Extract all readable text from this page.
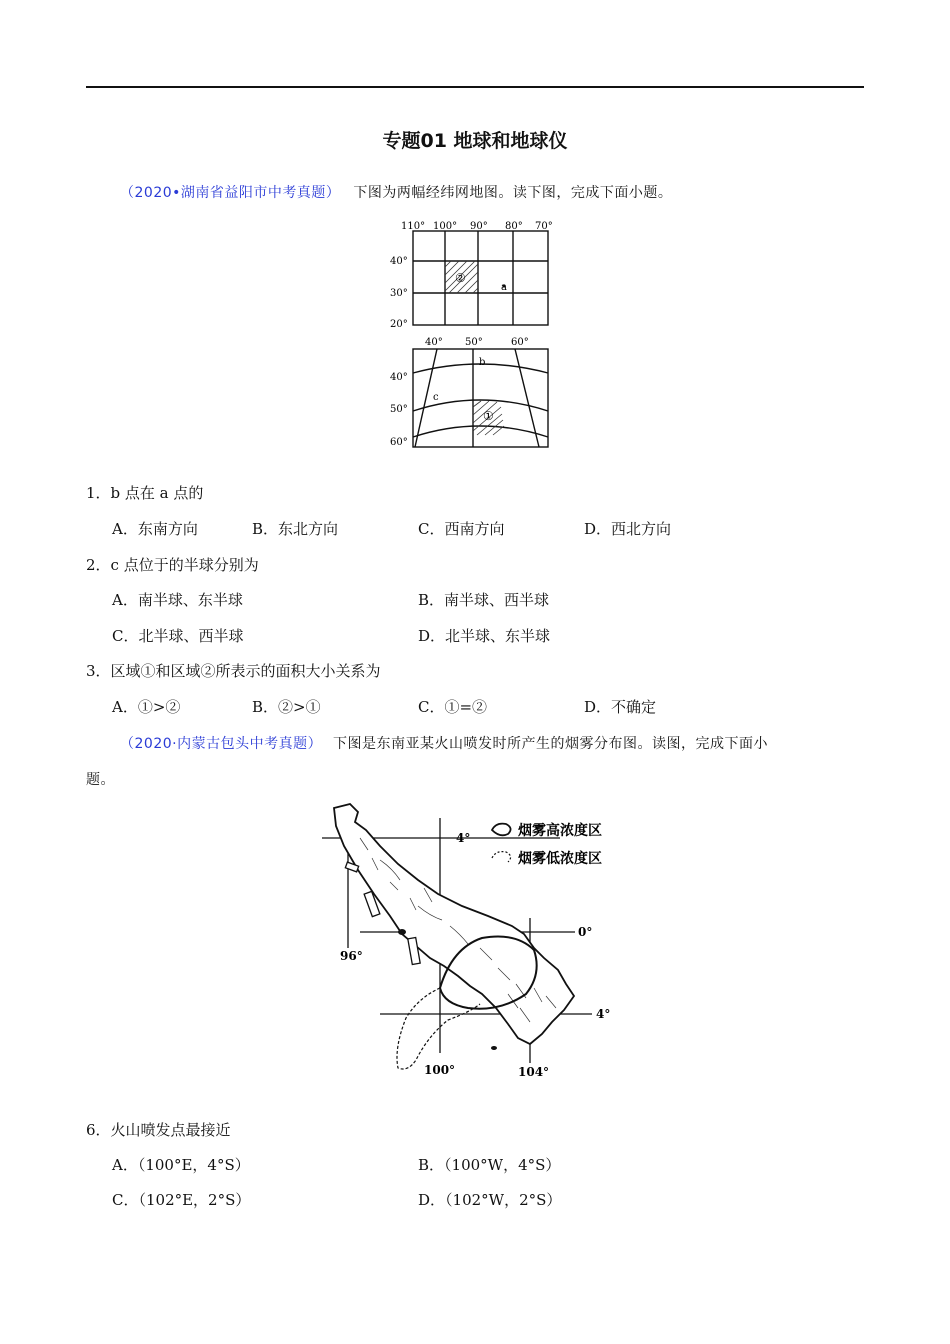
专题01 地球和地球仪
（2020•湖南省益阳市中考真题） 下图为两幅经纬网地图。读下图，完成下面小题。
110° 100° 90° 80° 70°
40°
30°
20°
②
a
40° 50°	60°
b
c
①
40°
50°
60°
1．b 点在 a 点的
A．东南方向	B．东北方向	C．西南方向	D．西北方向
2．c 点位于的半球分别为
A．南半球、东半球	B．南半球、西半球
C．北半球、西半球	D．北半球、东半球
3．区域①和区域②所表示的面积大小关系为
A．①>②	B．②>①	C．①=②	D．不确定
（2020·内蒙古包头中考真题） 下图是东南亚某火山喷发时所产生的烟雾分布图。读图，完成下面小
题。
4°
0°
4°
96°
100°	104°
烟雾高浓度区
烟雾低浓度区
6．火山喷发点最接近
A．（100°E，4°S）	B．（100°W，4°S）
C．（102°E，2°S）	D．（102°W，2°S）
